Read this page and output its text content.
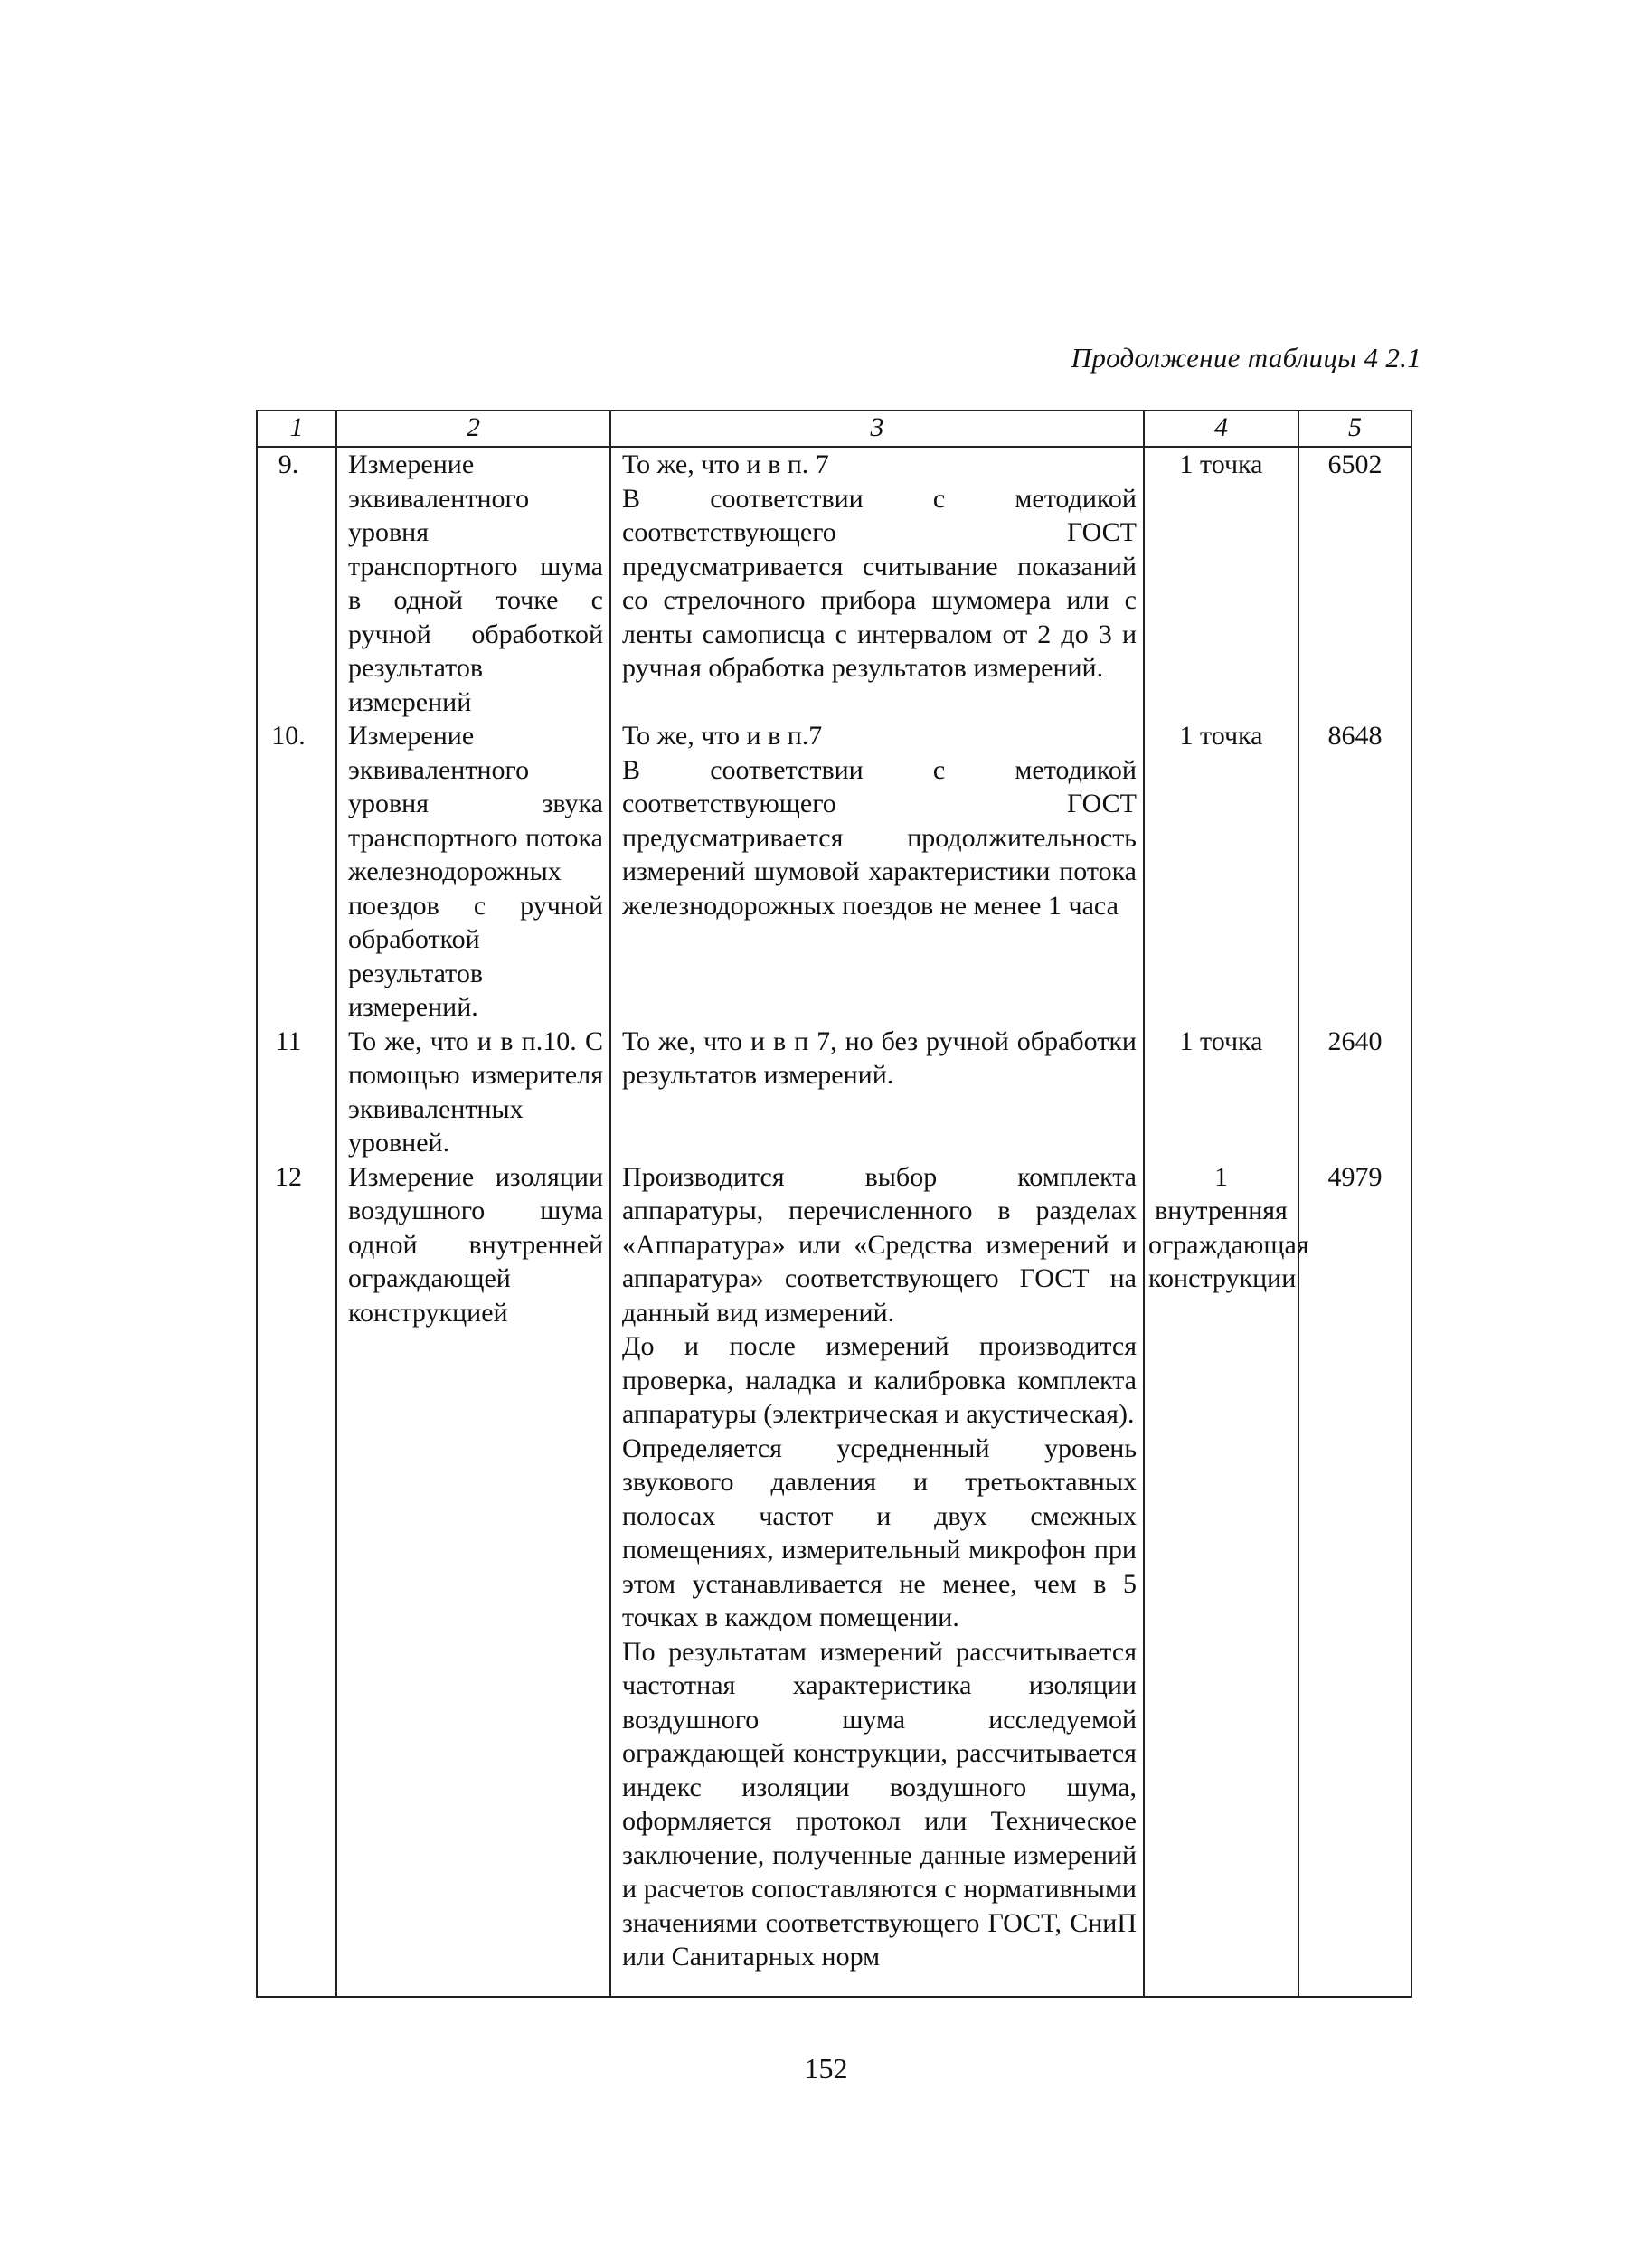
Продолжение таблицы 4 2.1
1	2	3	4	5
9.	Измерение эквивалентного уровня транспортного шума в одной точке с ручной обработкой результатов измерений	То же, что и в п. 7

В соответствии с методикой соответствующего ГОСТ предусматривается считывание показаний со стрелочного прибора шумомера или с ленты самописца с интервалом от 2 до 3 и ручная обработка результатов измерений.	1 точка	6502
10.	Измерение эквивалентного уровня звука транспортного потока железнодорожных поездов с ручной обработкой результатов измерений.	То же, что и в п.7

В соответствии с методикой соответствующего ГОСТ предусматривается продолжительность измерений шумовой характеристики потока железнодорожных поездов не менее 1 часа	1 точка	8648
11	То же, что и в п.10. С помощью измерителя эквивалентных уровней.	То же, что и в п 7, но без ручной обработки результатов измерений.	1 точка	2640
12	Измерение изоляции воздушного шума одной внутренней ограждающей конструкцией	Производится выбор комплекта аппаратуры, перечисленного в разделах «Аппаратура» или «Средства измерений и аппаратура» соответствующего ГОСТ на данный вид измерений.

До и после измерений производится проверка, наладка и калибровка комплекта аппаратуры (электрическая и акустическая).

Определяется усредненный уровень звукового давления и третьоктавных полосах частот и двух смежных помещениях, измерительный микрофон при этом устанавливается не менее, чем в 5 точках в каждом помещении.

По результатам измерений рассчитывается частотная характеристика изоляции воздушного шума исследуемой ограждающей конструкции, рассчитывается индекс изоляции воздушного шума, оформляется протокол или Техническое заключение, полученные данные измерений и расчетов сопоставляются с нормативными значениями соответствующего ГОСТ, СниП или Санитарных норм	1 внутренняя ограждающая конструкции	4979
152
